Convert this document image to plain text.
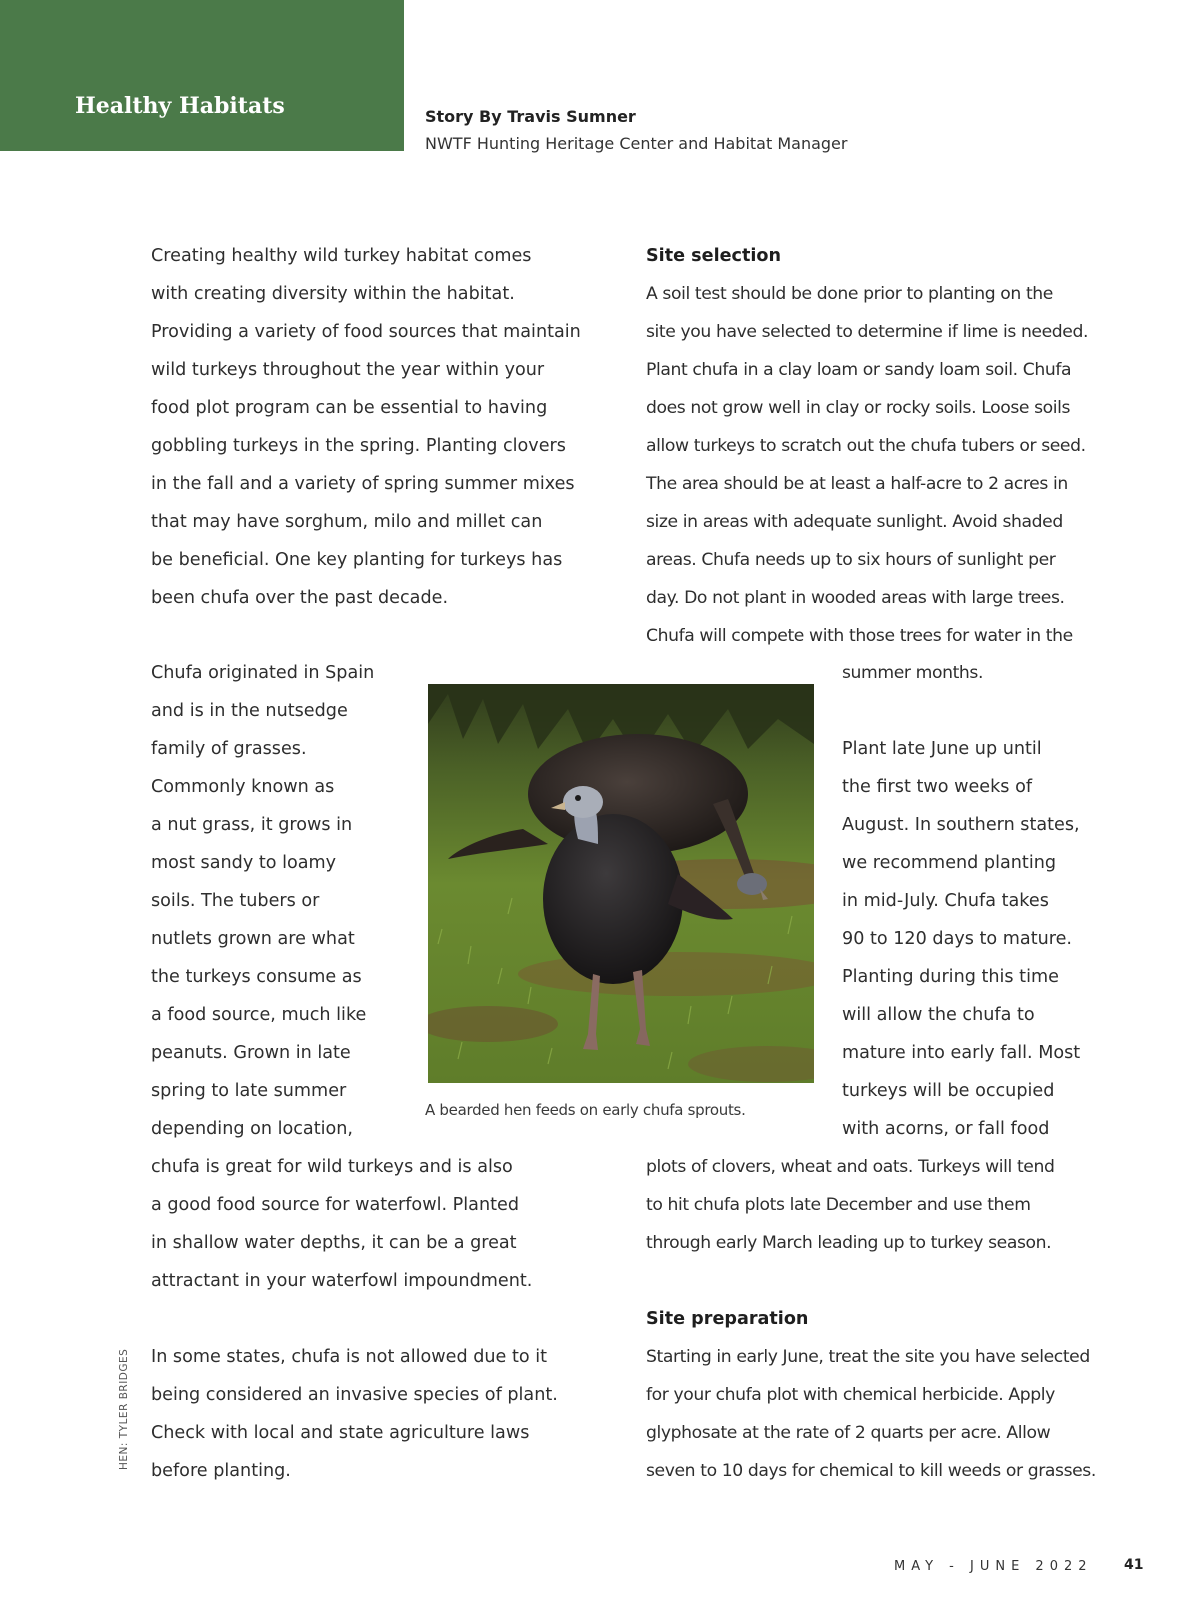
Healthy Habitats	Story By Travis Sumner
NWTF Hunting Heritage Center and Habitat Manager
Creating healthy wild turkey habitat comes
with creating diversity within the habitat.
Providing a variety of food sources that maintain
wild turkeys throughout the year within your
food plot program can be essential to having
gobbling turkeys in the spring. Planting clovers
in the fall and a variety of spring summer mixes
that may have sorghum, milo and millet can
be beneficial. One key planting for turkeys has
been chufa over the past decade.
Chufa originated in Spain
and is in the nutsedge
family of grasses.
Commonly known as
a nut grass, it grows in
most sandy to loamy
soils. The tubers or
nutlets grown are what
the turkeys consume as
a food source, much like
peanuts. Grown in late
spring to late summer
depending on location,
chufa is great for wild turkeys and is also
a good food source for waterfowl. Planted
in shallow water depths, it can be a great
attractant in your waterfowl impoundment.
In some states, chufa is not allowed due to it
being considered an invasive species of plant.
Check with local and state agriculture laws
before planting.
Site selection
A soil test should be done prior to planting on the
site you have selected to determine if lime is needed.
Plant chufa in a clay loam or sandy loam soil. Chufa
does not grow well in clay or rocky soils. Loose soils
allow turkeys to scratch out the chufa tubers or seed.
The area should be at least a half-acre to 2 acres in
size in areas with adequate sunlight. Avoid shaded
areas. Chufa needs up to six hours of sunlight per
day. Do not plant in wooded areas with large trees.
Chufa will compete with those trees for water in the
summer months.
Plant late June up until
the first two weeks of
August. In southern states,
we recommend planting
in mid-July. Chufa takes
90 to 120 days to mature.
Planting during this time
will allow the chufa to
mature into early fall. Most
turkeys will be occupied
with acorns, or fall food
plots of clovers, wheat and oats. Turkeys will tend
to hit chufa plots late December and use them
through early March leading up to turkey season.
Site preparation
Starting in early June, treat the site you have selected
for your chufa plot with chemical herbicide. Apply
glyphosate at the rate of 2 quarts per acre. Allow
seven to 10 days for chemical to kill weeds or grasses.
A bearded hen feeds on early chufa sprouts.
HEN: TYLER BRIDGES
MAY - JUNE 2022 41
